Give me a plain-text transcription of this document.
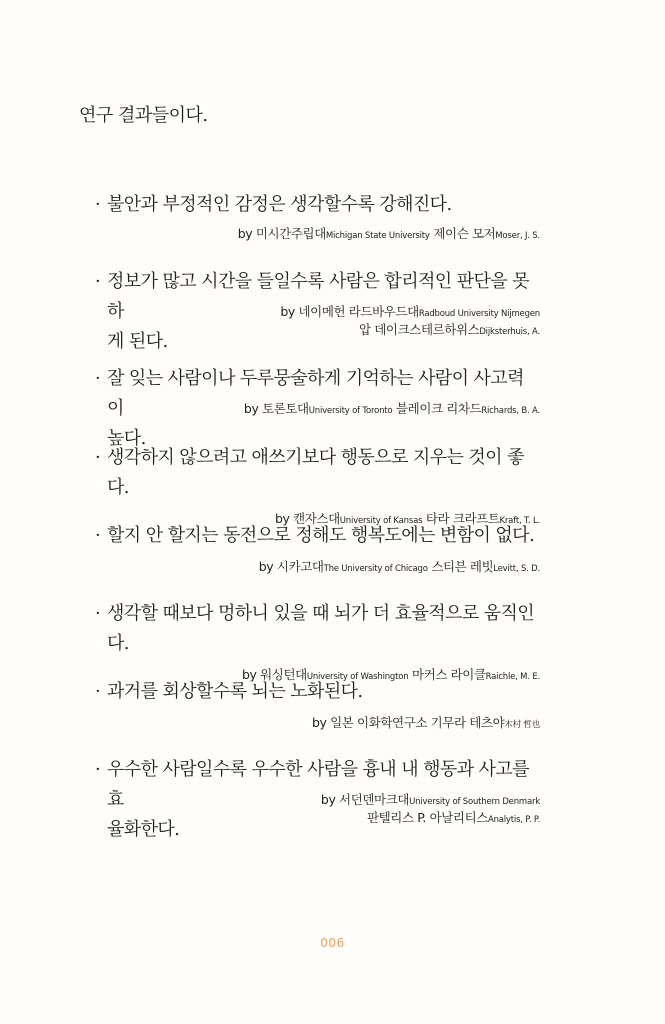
연구 결과들이다.

· 불안과 부정적인 감정은 생각할수록 강해진다.
by 미시간주립대Michigan State University 제이슨 모저Moser, J. S.
· 정보가 많고 시간을 들일수록 사람은 합리적인 판단을 못 하
게 된다.
by 네이메헌 라드바우드대Radboud University Nijmegen
압 데이크스테르하위스Dijksterhuis, A.
· 잘 잊는 사람이나 두루뭉술하게 기억하는 사람이 사고력이
높다.
by 토론토대University of Toronto 블레이크 리차드Richards, B. A.
· 생각하지 않으려고 애쓰기보다 행동으로 지우는 것이 좋다.
by 캔자스대University of Kansas 타라 크라프트Kraft, T. L.
· 할지 안 할지는 동전으로 정해도 행복도에는 변함이 없다.
by 시카고대The University of Chicago 스티븐 레빗Levitt, S. D.
· 생각할 때보다 멍하니 있을 때 뇌가 더 효율적으로 움직인다.
by 워싱턴대University of Washington 마커스 라이클Raichle, M. E.
· 과거를 회상할수록 뇌는 노화된다.
by 일본 이화학연구소 기무라 테츠야木村 哲也
· 우수한 사람일수록 우수한 사람을 흉내 내 행동과 사고를 효
율화한다.
by 서던덴마크대University of Southern Denmark
판텔리스 P. 아날리티스Analytis, P. P.
006
